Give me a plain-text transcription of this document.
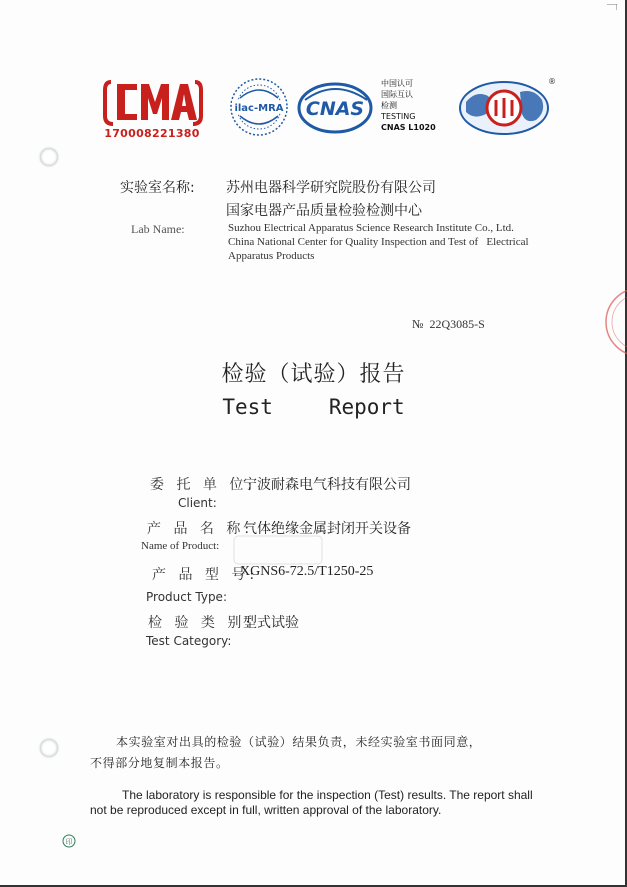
170008221380
ilac-MRA CNAS
中国认可
国际互认
检测
TESTING
CNAS L1020
®
实验室名称: 苏州电器科学研究院股份有限公司
国家电器产品质量检验检测中心
Lab Name:	Suzhou Electrical Apparatus Science Research Institute Co., Ltd.
China National Center for Quality Inspection and Test of   Electrical
Apparatus Products
№  22Q3085-S
检验（试验）报告
Test   Report
委 托 单 位:
宁波耐森电气科技有限公司
Client:
产 品 名 称:
气体绝缘金属封闭开关设备
Name of Product:
产 品 型 号:
XGNS6-72.5/T1250-25
Product Type:
检 验 类 别:
型式试验
Test Category:
本实验室对出具的检验（试验）结果负责，未经实验室书面同意，
不得部分地复制本报告。
The laboratory is responsible for the inspection (Test) results. The report shall
not be reproduced except in full, written approval of the laboratory.
印
